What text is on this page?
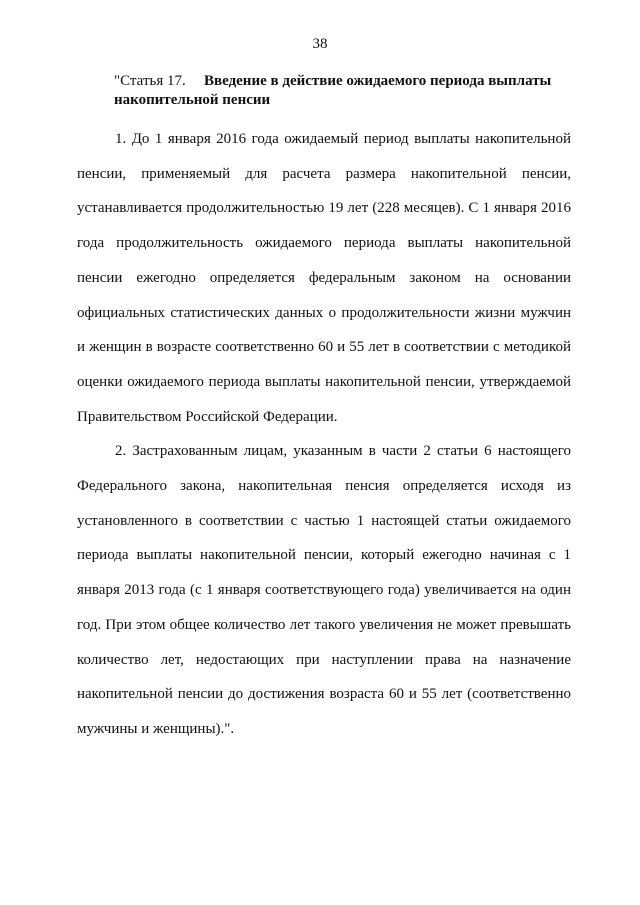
38
"Статья 17. Введение в действие ожидаемого периода выплаты накопительной пенсии

1. До 1 января 2016 года ожидаемый период выплаты накопительной пенсии, применяемый для расчета размера накопительной пенсии, устанавливается продолжительностью 19 лет (228 месяцев). С 1 января 2016 года продолжительность ожидаемого периода выплаты накопительной пенсии ежегодно определяется федеральным законом на основании официальных статистических данных о продолжительности жизни мужчин и женщин в возрасте соответственно 60 и 55 лет в соответствии с методикой оценки ожидаемого периода выплаты накопительной пенсии, утверждаемой Правительством Российской Федерации.

2. Застрахованным лицам, указанным в части 2 статьи 6 настоящего Федерального закона, накопительная пенсия определяется исходя из установленного в соответствии с частью 1 настоящей статьи ожидаемого периода выплаты накопительной пенсии, который ежегодно начиная с 1 января 2013 года (с 1 января соответствующего года) увеличивается на один год. При этом общее количество лет такого увеличения не может превышать количество лет, недостающих при наступлении права на назначение накопительной пенсии до достижения возраста 60 и 55 лет (соответственно мужчины и женщины).".
